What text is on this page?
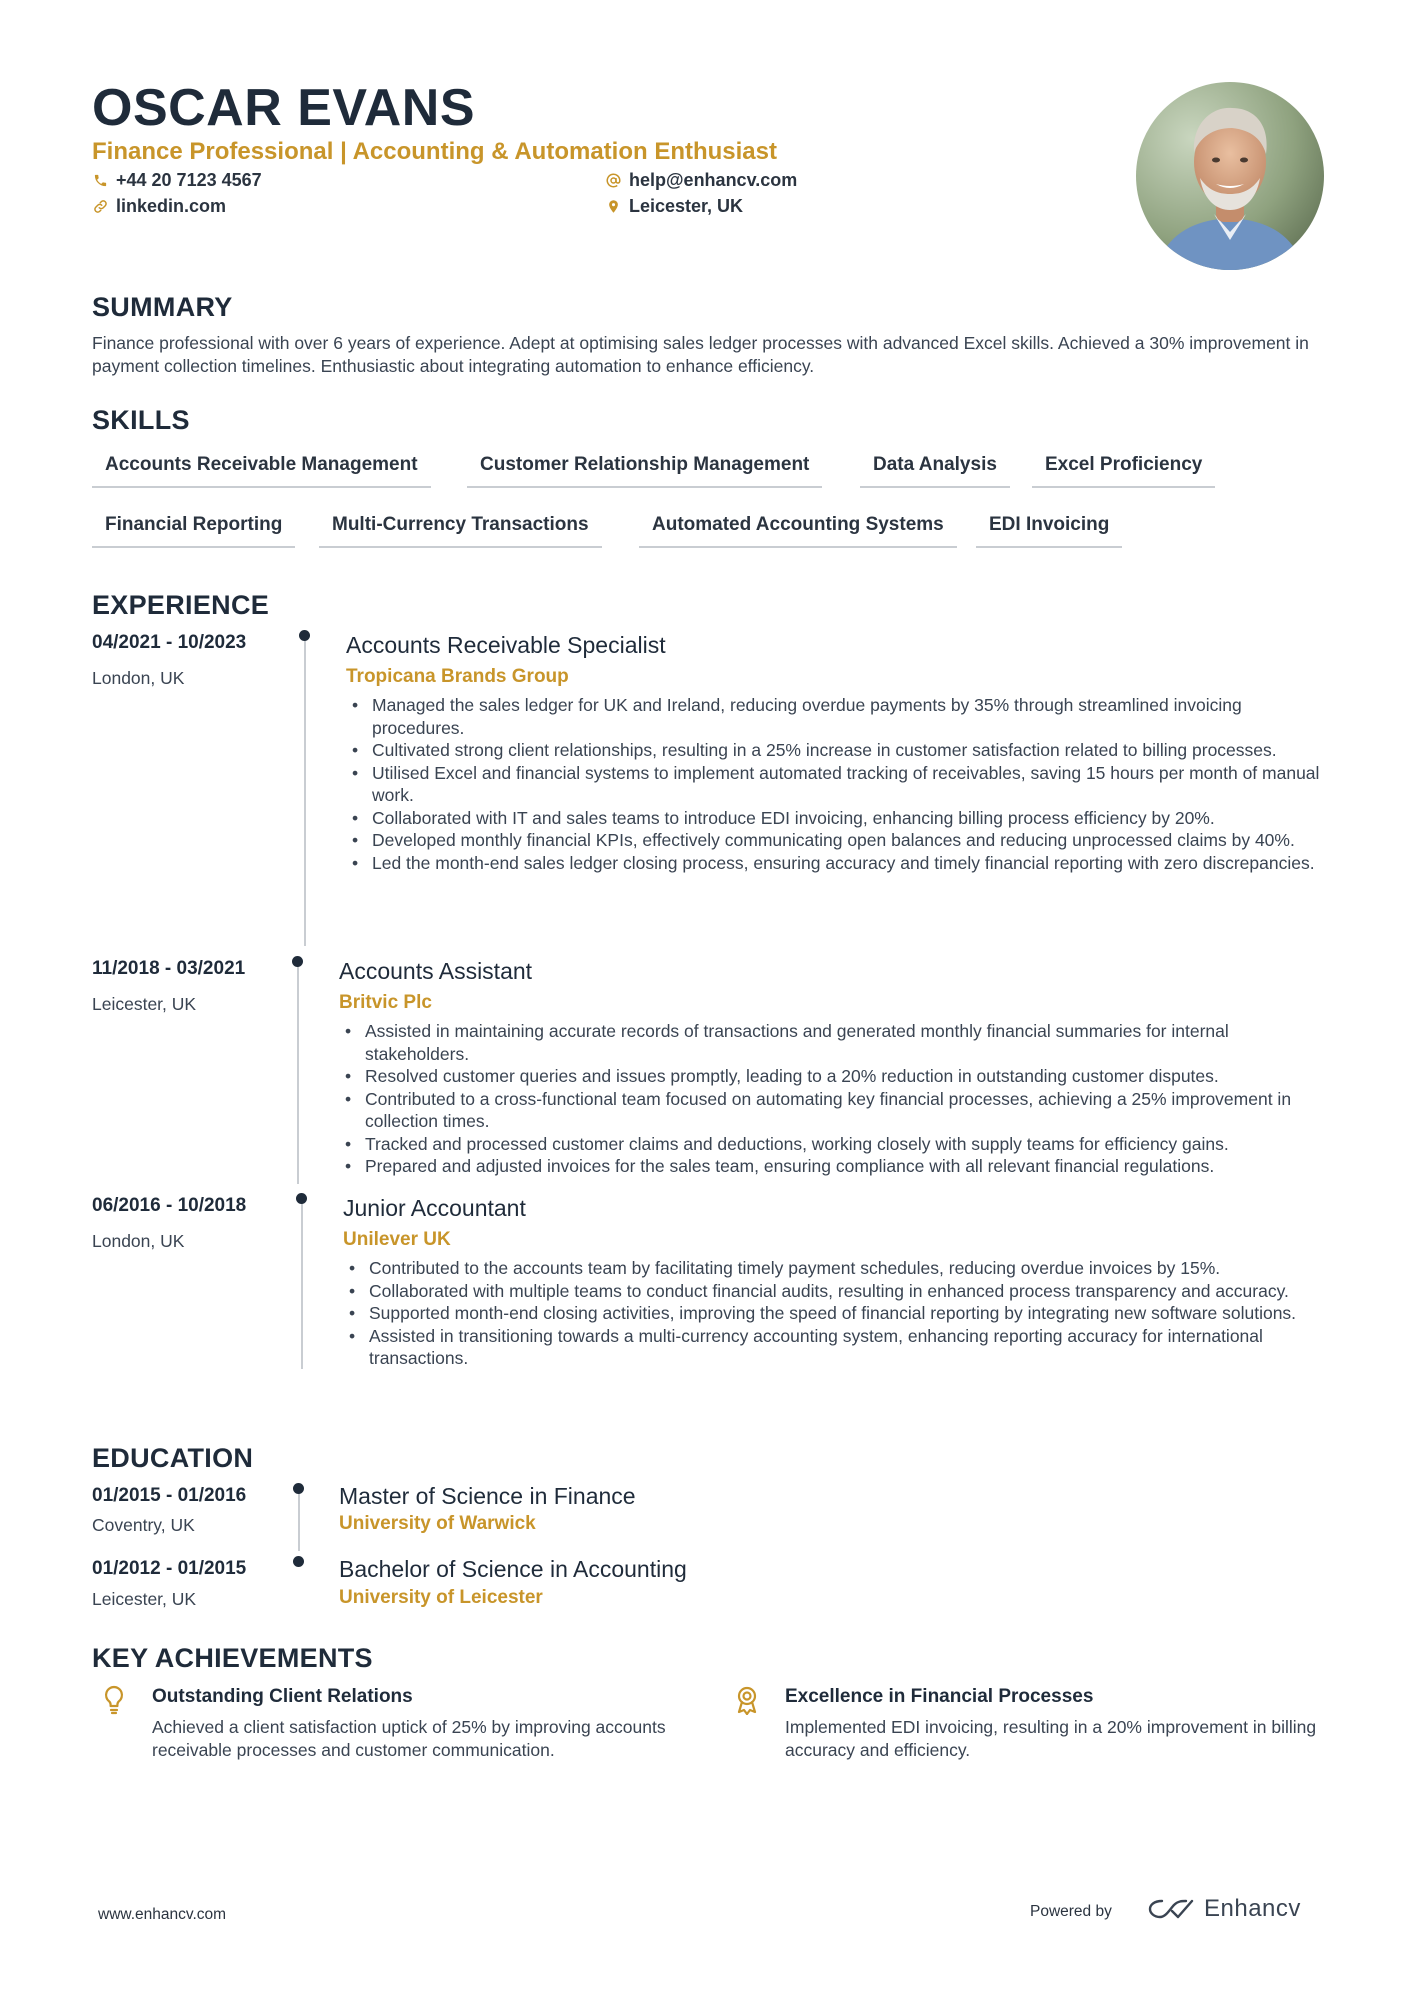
OSCAR EVANS
Finance Professional | Accounting & Automation Enthusiast
+44 20 7123 4567
linkedin.com
help@enhancv.com
Leicester, UK
SUMMARY
Finance professional with over 6 years of experience. Adept at optimising sales ledger processes with advanced Excel skills. Achieved a 30% improvement in payment collection timelines. Enthusiastic about integrating automation to enhance efficiency.
SKILLS
Accounts Receivable Management	Customer Relationship Management	Data Analysis	Excel Proficiency
Financial Reporting	Multi-Currency Transactions	Automated Accounting Systems	EDI Invoicing
EXPERIENCE
04/2021 - 10/2023
London, UK
Accounts Receivable Specialist
Tropicana Brands Group
• Managed the sales ledger for UK and Ireland, reducing overdue payments by 35% through streamlined invoicing procedures.
• Cultivated strong client relationships, resulting in a 25% increase in customer satisfaction related to billing processes.
• Utilised Excel and financial systems to implement automated tracking of receivables, saving 15 hours per month of manual work.
• Collaborated with IT and sales teams to introduce EDI invoicing, enhancing billing process efficiency by 20%.
• Developed monthly financial KPIs, effectively communicating open balances and reducing unprocessed claims by 40%.
• Led the month-end sales ledger closing process, ensuring accuracy and timely financial reporting with zero discrepancies.
11/2018 - 03/2021
Leicester, UK
Accounts Assistant
Britvic Plc
• Assisted in maintaining accurate records of transactions and generated monthly financial summaries for internal stakeholders.
• Resolved customer queries and issues promptly, leading to a 20% reduction in outstanding customer disputes.
• Contributed to a cross-functional team focused on automating key financial processes, achieving a 25% improvement in collection times.
• Tracked and processed customer claims and deductions, working closely with supply teams for efficiency gains.
• Prepared and adjusted invoices for the sales team, ensuring compliance with all relevant financial regulations.
06/2016 - 10/2018
London, UK
Junior Accountant
Unilever UK
• Contributed to the accounts team by facilitating timely payment schedules, reducing overdue invoices by 15%.
• Collaborated with multiple teams to conduct financial audits, resulting in enhanced process transparency and accuracy.
• Supported month-end closing activities, improving the speed of financial reporting by integrating new software solutions.
• Assisted in transitioning towards a multi-currency accounting system, enhancing reporting accuracy for international transactions.
EDUCATION
01/2015 - 01/2016
Coventry, UK
Master of Science in Finance
University of Warwick
01/2012 - 01/2015
Leicester, UK
Bachelor of Science in Accounting
University of Leicester
KEY ACHIEVEMENTS
Outstanding Client Relations
Achieved a client satisfaction uptick of 25% by improving accounts receivable processes and customer communication.
Excellence in Financial Processes
Implemented EDI invoicing, resulting in a 20% improvement in billing accuracy and efficiency.
www.enhancv.com	Powered by	Enhancv
